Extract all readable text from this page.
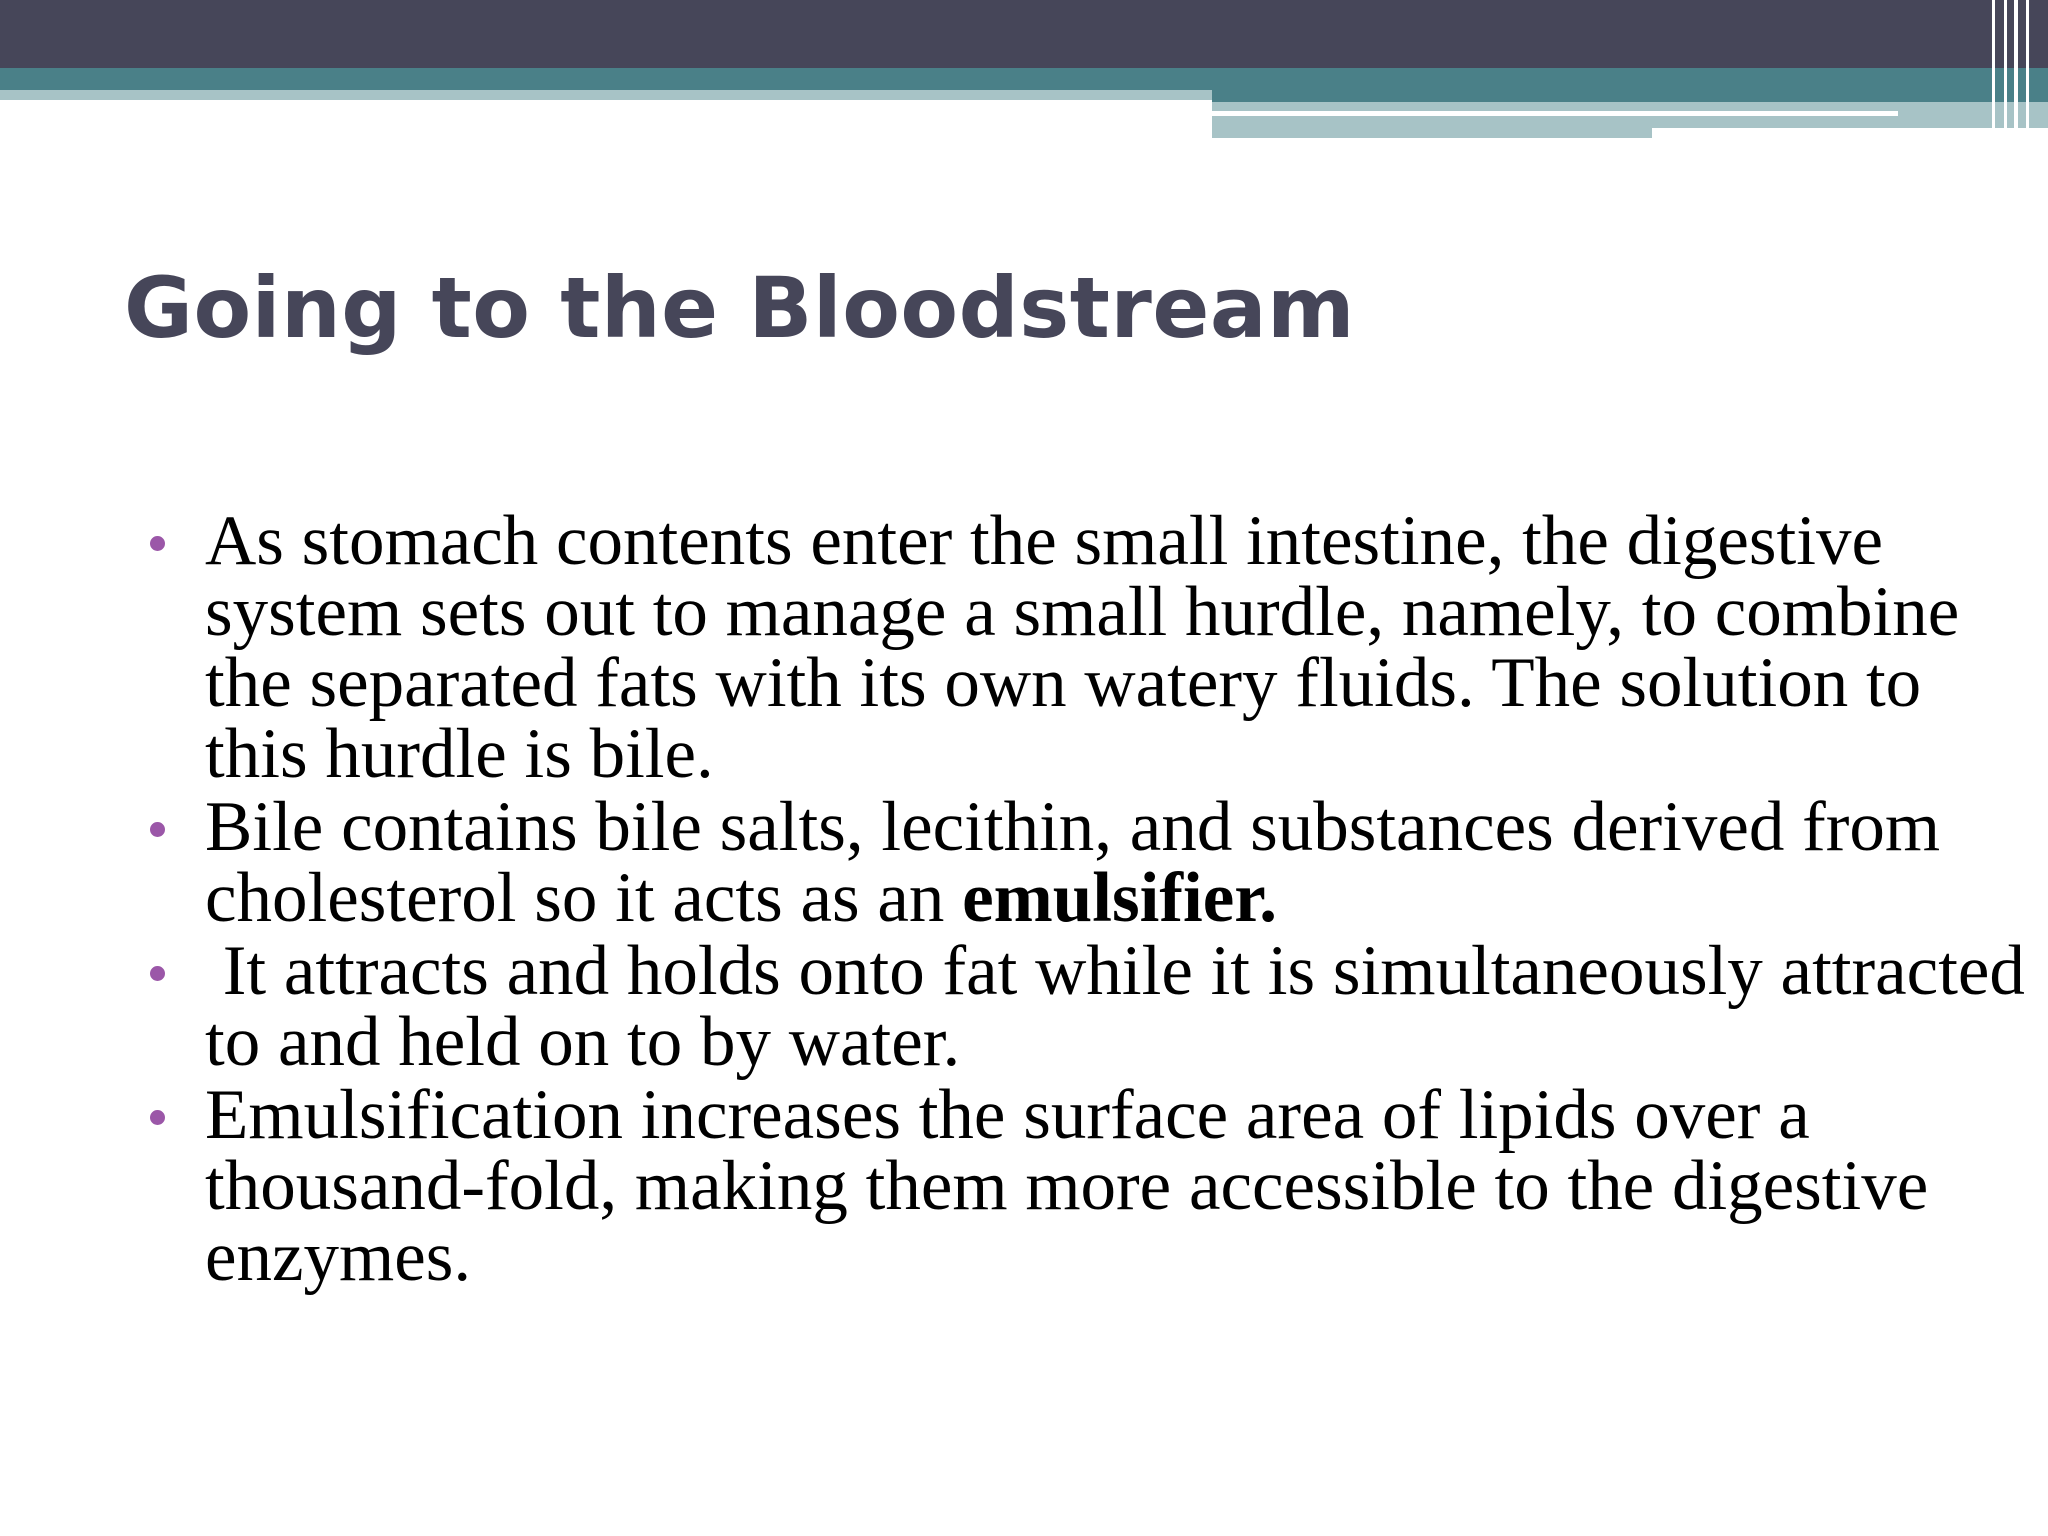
Going to the Bloodstream
As stomach contents enter the small intestine, the digestive system sets out to manage a small hurdle, namely, to combine the separated fats with its own watery fluids. The solution to this hurdle is bile.
Bile contains bile salts, lecithin, and substances derived from cholesterol so it acts as an emulsifier.
It attracts and holds onto fat while it is simultaneously attracted to and held on to by water.
Emulsification increases the surface area of lipids over a thousand-fold, making them more accessible to the digestive enzymes.
